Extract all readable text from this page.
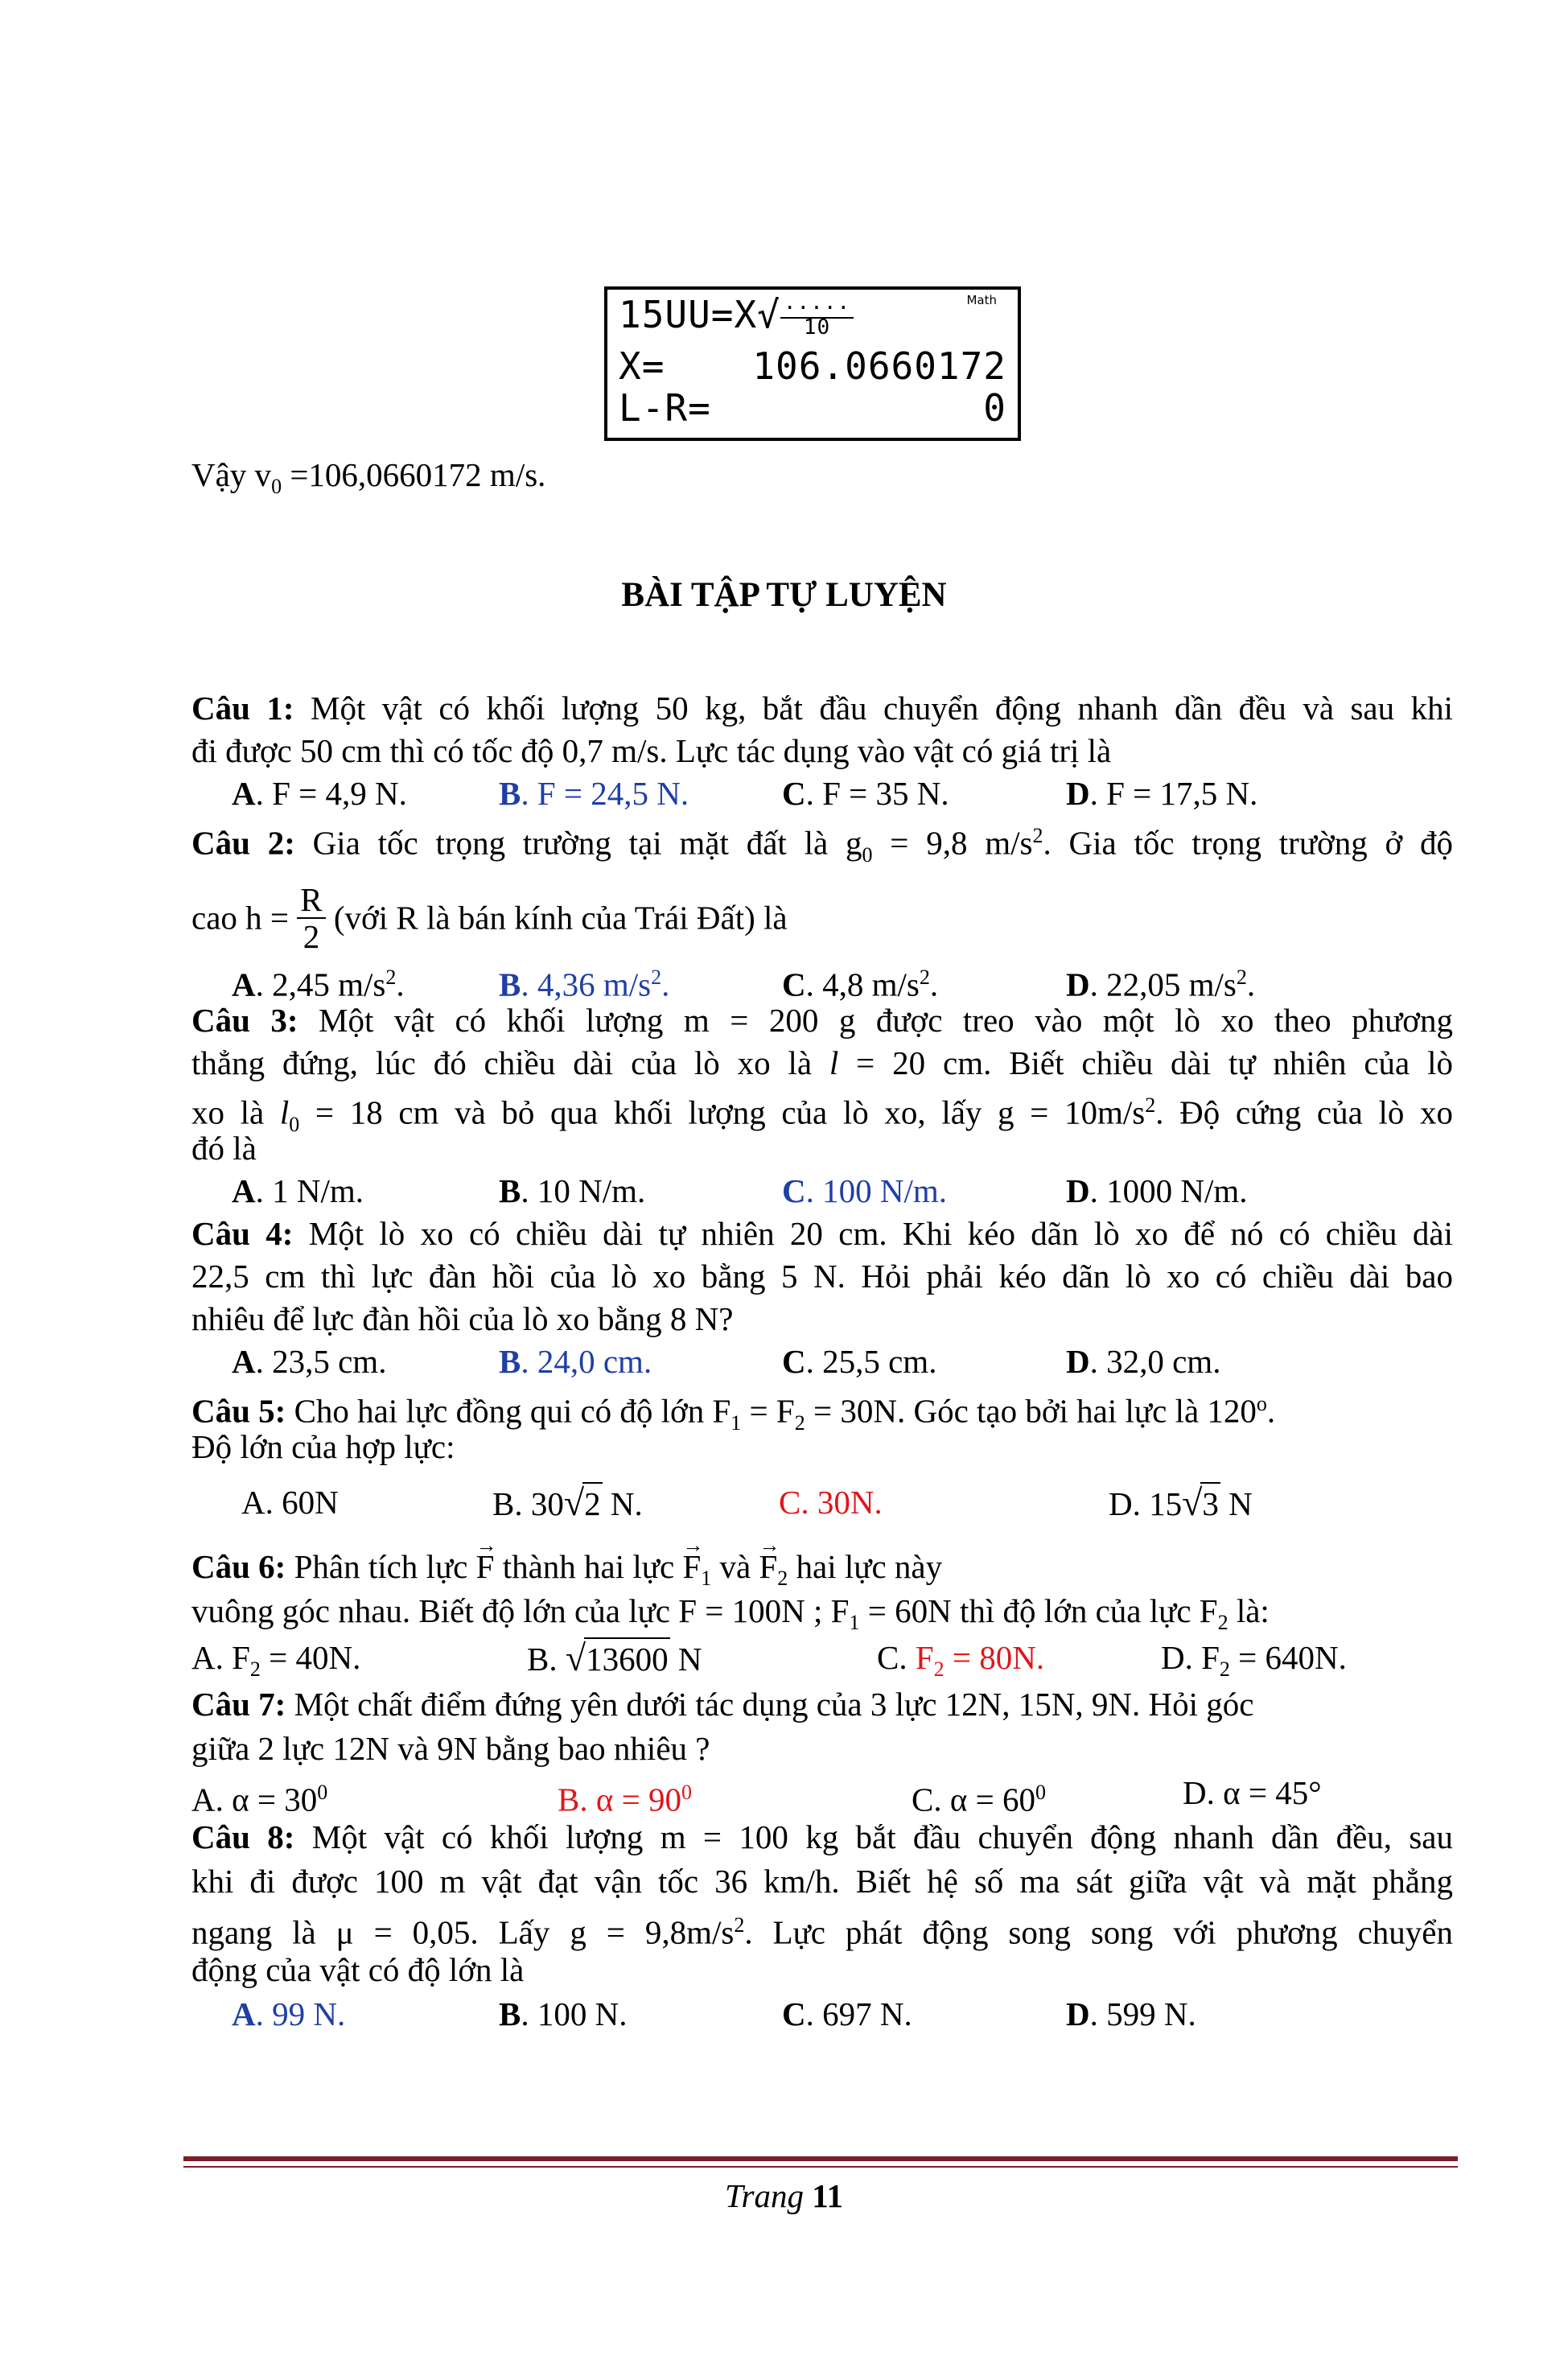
Math
$15UU=X√ \frac{\cdot\cdot\cdot\cdot\cdot}{10}$
X= 106.0660172
L-R=	0
Vậy $v_0 =106,0660172$ m/s.
BÀI TẬP TỰ LUYỆN
Câu 1: Một vật có khối lượng 50 kg, bắt đầu chuyển động nhanh dần đều và sau khi
đi được 50 cm thì có tốc độ 0,7 m/s. Lực tác dụng vào vật có giá trị là
A. F = 4,9 N.	B. F = 24,5 N.	C. F = 35 N.	D. F = 17,5 N.
Câu 2: Gia tốc trọng trường tại mặt đất là $g_0 = 9,8$ $m/s^2$. Gia tốc trọng trường ở độ
cao $h = \frac{R}{2}$ (với R là bán kính của Trái Đất) là
A. 2,45 $m/s^2$.	B. 4,36 $m/s^2$.	C. 4,8 $m/s^2$.	D. 22,05 $m/s^2$.
Câu 3: Một vật có khối lượng m = 200 g được treo vào một lò xo theo phương
thẳng đứng, lúc đó chiều dài của lò xo là l = 20 cm. Biết chiều dài tự nhiên của lò
xo là $l_0 = 18$ cm và bỏ qua khối lượng của lò xo, lấy $g = 10m/s^2$. Độ cứng của lò xo
đó là
A. 1 N/m.	B. 10 N/m.	C. 100 N/m.	D. 1000 N/m.
Câu 4: Một lò xo có chiều dài tự nhiên 20 cm. Khi kéo dãn lò xo để nó có chiều dài
22,5 cm thì lực đàn hồi của lò xo bằng 5 N. Hỏi phải kéo dãn lò xo có chiều dài bao
nhiêu để lực đàn hồi của lò xo bằng 8 N?
A. 23,5 cm.	B. 24,0 cm.	C. 25,5 cm.	D. 32,0 cm.
Câu 5: Cho hai lực đồng qui có độ lớn $F_1 = F_2 = 30N$. Góc tạo bởi hai lực là 120$^o$.
Độ lớn của hợp lực:
A. 60N	B. 30√2 N.	C. 30N.	D. 15√3 N
Câu 6: Phân tích lực → F thành hai lực → $F_1$ và → $F_2$ hai lực này
vuông góc nhau. Biết độ lớn của lực F = 100N ; $F_1 = 60N$ thì độ lớn của lực $F_2$ là:
A. $F_2 = 40N$.	B. √13600 N	C. $F_2 = 80N$.	D. $F_2 = 640N$.
Câu 7: Một chất điểm đứng yên dưới tác dụng của 3 lực 12N, 15N, 9N. Hỏi góc
giữa 2 lực 12N và 9N bằng bao nhiêu ?
A. $\alpha = 30^0$	B. $\alpha = 90^0$	C. $\alpha = 60^0$	D. α = 45°
Câu 8: Một vật có khối lượng m = 100 kg bắt đầu chuyển động nhanh dần đều, sau
khi đi được 100 m vật đạt vận tốc 36 km/h. Biết hệ số ma sát giữa vật và mặt phẳng
ngang là μ = 0,05. Lấy $g = 9,8m/s^2$. Lực phát động song song với phương chuyển
động của vật có độ lớn là
A. 99 N.	B. 100 N.	C. 697 N.	D. 599 N.
Trang 11
